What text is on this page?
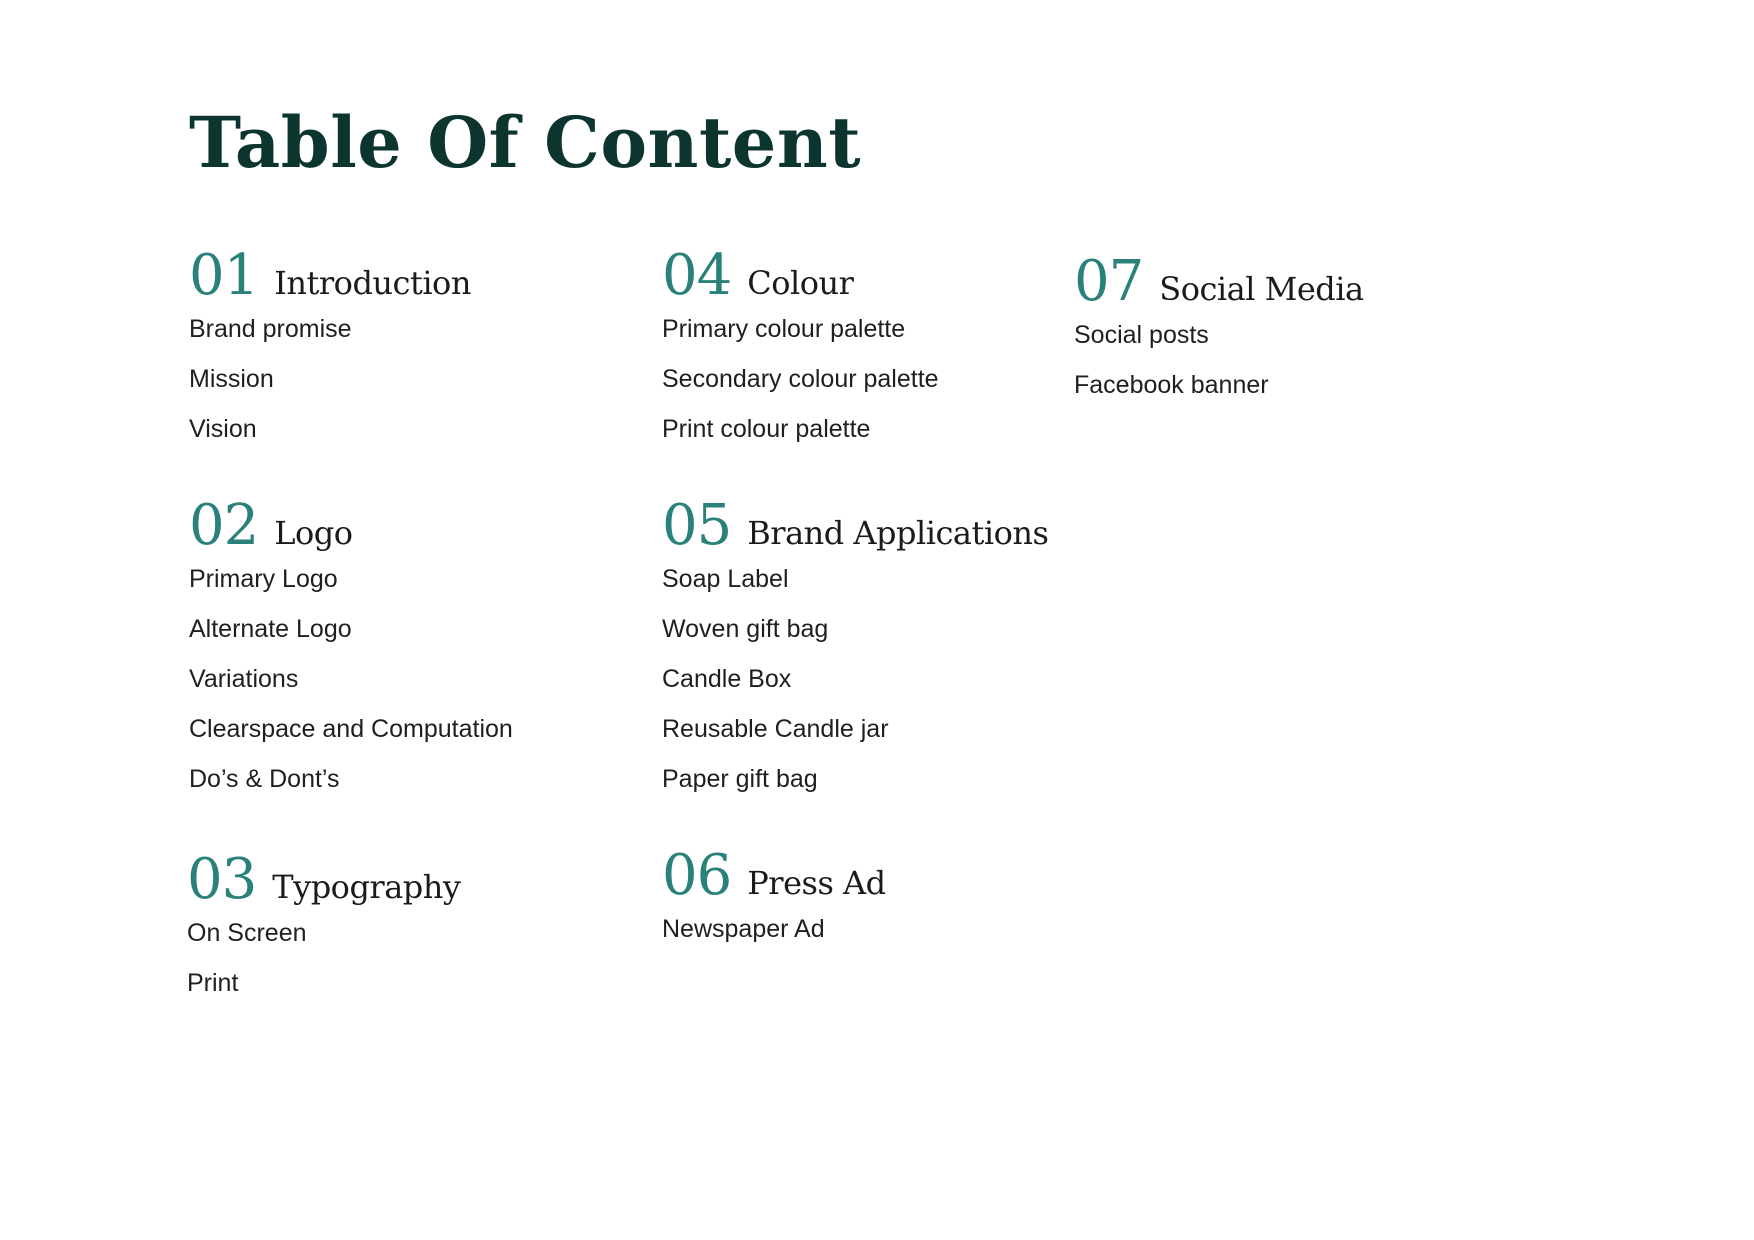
Table Of Content
01 Introduction
Brand promise
Mission
Vision
02 Logo
Primary Logo
Alternate Logo
Variations
Clearspace and Computation
Do’s & Dont’s
03 Typography
On Screen
Print
04 Colour
Primary colour palette
Secondary colour palette
Print colour palette
05 Brand Applications
Soap Label
Woven gift bag
Candle Box
Reusable Candle jar
Paper gift bag
06 Press Ad
Newspaper Ad
07 Social Media
Social posts
Facebook banner
